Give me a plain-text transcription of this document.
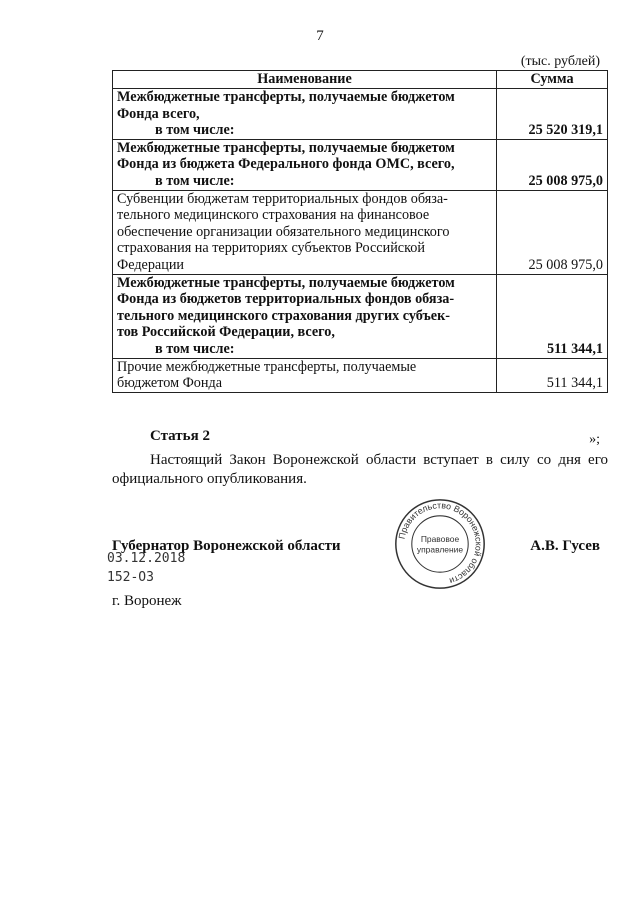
7
(тыс. рублей)
Наименование	Сумма

Межбюджетные трансферты, получаемые бюджетом
Фонда всего,
в том числе:	25 520 319,1

Межбюджетные трансферты, получаемые бюджетом
Фонда из бюджета Федерального фонда ОМС, всего,
в том числе:	25 008 975,0

Субвенции бюджетам территориальных фондов обяза-
тельного медицинского страхования на финансовое
обеспечение организации обязательного медицинского
страхования на территориях субъектов Российской
Федерации	25 008 975,0

Межбюджетные трансферты, получаемые бюджетом
Фонда из бюджетов территориальных фондов обяза-
тельного медицинского страхования других субъек-
тов Российской Федерации, всего,
в том числе:	511 344,1

Прочие межбюджетные трансферты, получаемые
бюджетом Фонда	511 344,1
»;
Статья 2
Настоящий Закон Воронежской области вступает в силу со дня его официального опубликования.
Губернатор Воронежской области	А.В. Гусев
03.12.2018
152-ОЗ
г. Воронеж
Правительство Воронежской области
Правовое
управление
